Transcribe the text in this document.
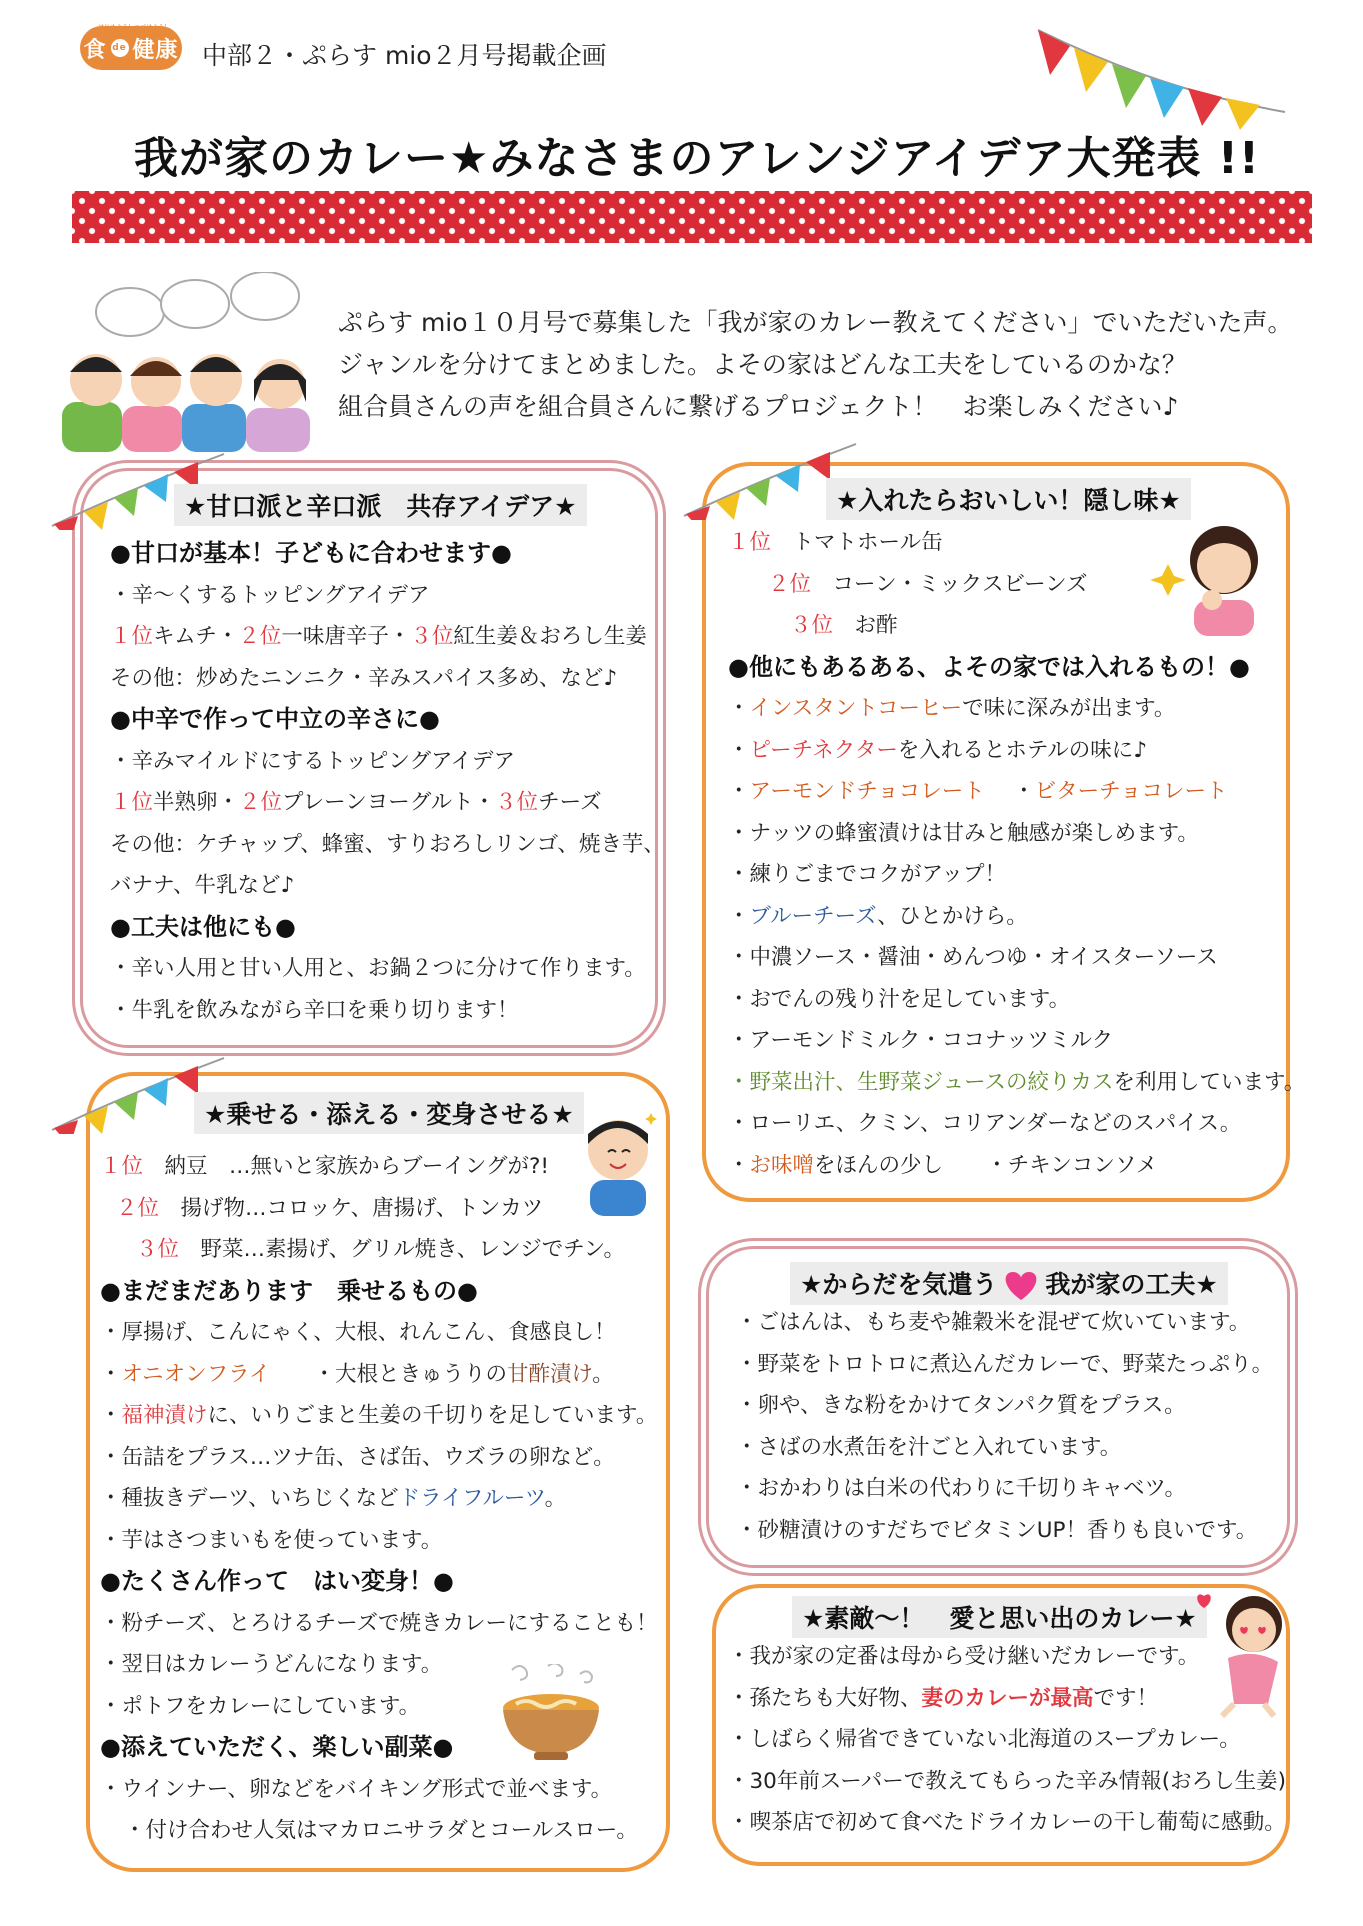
食 de 健康 中部２・ぷらす mio２月号掲載企画
我が家のカレー★みなさまのアレンジアイデア大発表 !!
ぷらす mio１０月号で募集した「我が家のカレー教えてください」でいただいた声。
ジャンルを分けてまとめました。よその家はどんな工夫をしているのかな？
組合員さんの声を組合員さんに繋げるプロジェクト！　お楽しみください♪
★甘口派と辛口派　共存アイデア★
●甘口が基本！子どもに合わせます●
・辛～くするトッピングアイデア
１位キムチ・２位一味唐辛子・３位紅生姜＆おろし生姜
その他：炒めたニンニク・辛みスパイス多め、など♪
●中辛で作って中立の辛さに●
・辛みマイルドにするトッピングアイデア
１位半熟卵・２位プレーンヨーグルト・３位チーズ
その他：ケチャップ、蜂蜜、すりおろしリンゴ、焼き芋、
バナナ、牛乳など♪
●工夫は他にも●
・辛い人用と甘い人用と、お鍋２つに分けて作ります。
・牛乳を飲みながら辛口を乗り切ります！
★入れたらおいしい！隠し味★
１位　 トマトホール缶
２位　 コーン・ミックスビーンズ
３位　 お酢
●他にもあるある、よその家では入れるもの！●
・インスタントコーヒーで味に深みが出ます。
・ピーチネクターを入れるとホテルの味に♪
・アーモンドチョコレート　 ・ビターチョコレート
・ナッツの蜂蜜漬けは甘みと触感が楽しめます。
・練りごまでコクがアップ！
・ブルーチーズ、ひとかけら。
・中濃ソース・醤油・めんつゆ・オイスターソース
・おでんの残り汁を足しています。
・アーモンドミルク・ココナッツミルク
・野菜出汁、生野菜ジュースの絞りカスを利用しています。
・ローリエ、クミン、コリアンダーなどのスパイス。
・お味噌をほんの少し　　 ・チキンコンソメ
★乗せる・添える・変身させる★
１位　 納豆　…無いと家族からブーイングが?!
２位　 揚げ物…コロッケ、唐揚げ、トンカツ
３位　 野菜…素揚げ、グリル焼き、レンジでチン。
●まだまだあります　乗せるもの●
・厚揚げ、こんにゃく、大根、れんこん、食感良し！
・オニオンフライ　　 ・大根ときゅうりの甘酢漬け。
・福神漬けに、いりごまと生姜の千切りを足しています。
・缶詰をプラス…ツナ缶、さば缶、ウズラの卵など。
・種抜きデーツ、いちじくなどドライフルーツ。
・芋はさつまいもを使っています。
●たくさん作って　はい変身！●
・粉チーズ、とろけるチーズで焼きカレーにすることも！
・翌日はカレーうどんになります。
・ポトフをカレーにしています。
●添えていただく、楽しい副菜●
・ウインナー、卵などをバイキング形式で並べます。
・付け合わせ人気はマカロニサラダとコールスロー。
★からだを気遣う 我が家の工夫★
・ごはんは、もち麦や雑穀米を混ぜて炊いています。
・野菜をトロトロに煮込んだカレーで、野菜たっぷり。
・卵や、きな粉をかけてタンパク質をプラス。
・さばの水煮缶を汁ごと入れています。
・おかわりは白米の代わりに千切りキャベツ。
・砂糖漬けのすだちでビタミンUP！香りも良いです。
★素敵～！　愛と思い出のカレー★
・我が家の定番は母から受け継いだカレーです。
・孫たちも大好物、妻のカレーが最高です！
・しばらく帰省できていない北海道のスープカレー。
・30年前スーパーで教えてもらった辛み情報(おろし生姜)
・喫茶店で初めて食べたドライカレーの干し葡萄に感動。
